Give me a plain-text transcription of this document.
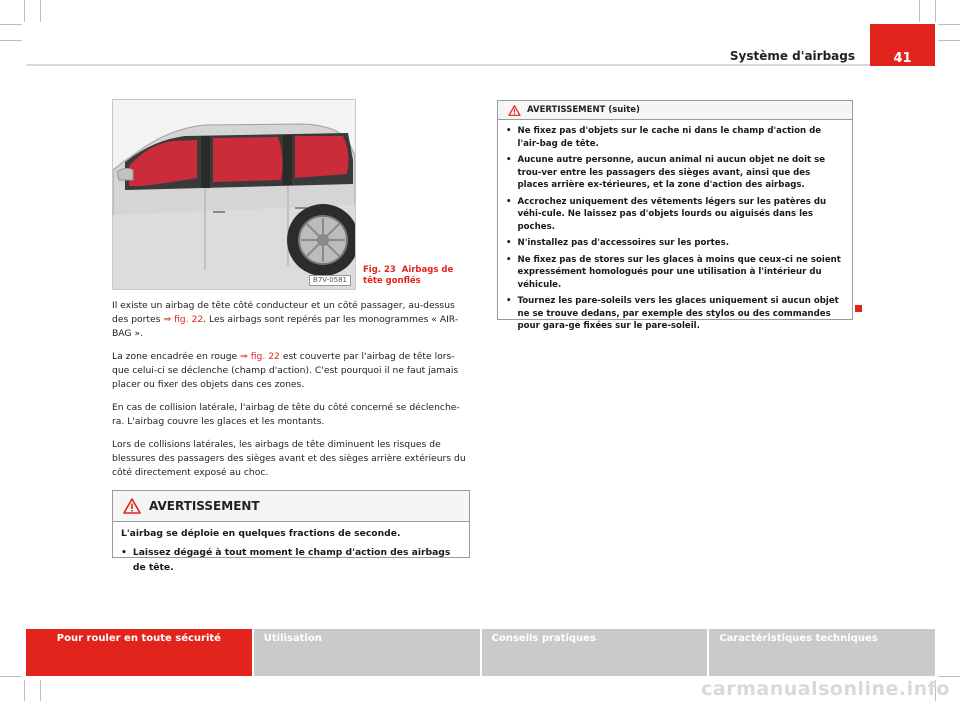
Système d'airbags	41
B7V-0581
Fig. 23 Airbags de tête gonflés

Il existe un airbag de tête côté conducteur et un côté passager, au-dessus des portes ⇒ fig. 22. Les airbags sont repérés par les monogrammes « AIR-BAG ».

La zone encadrée en rouge ⇒ fig. 22 est couverte par l'airbag de tête lors-que celui-ci se déclenche (champ d'action). C'est pourquoi il ne faut jamais placer ou fixer des objets dans ces zones.

En cas de collision latérale, l'airbag de tête du côté concerné se déclenche-ra. L'airbag couvre les glaces et les montants.

Lors de collisions latérales, les airbags de tête diminuent les risques de blessures des passagers des sièges avant et des sièges arrière extérieurs du côté directement exposé au choc.

AVERTISSEMENT

L'airbag se déploie en quelques fractions de seconde.

• Laissez dégagé à tout moment le champ d'action des airbags de tête.
AVERTISSEMENT (suite)
• Ne fixez pas d'objets sur le cache ni dans le champ d'action de l'air-bag de tête.
• Aucune autre personne, aucun animal ni aucun objet ne doit se trou-ver entre les passagers des sièges avant, ainsi que des places arrière ex-térieures, et la zone d'action des airbags.
• Accrochez uniquement des vêtements légers sur les patères du véhi-cule. Ne laissez pas d'objets lourds ou aiguisés dans les poches.
• N'installez pas d'accessoires sur les portes.
• Ne fixez pas de stores sur les glaces à moins que ceux-ci ne soient expressément homologués pour une utilisation à l'intérieur du véhicule.
• Tournez les pare-soleils vers les glaces uniquement si aucun objet ne se trouve dedans, par exemple des stylos ou des commandes pour gara-ge fixées sur le pare-soleil.
Pour rouler en toute sécurité	Utilisation	Conseils pratiques	Caractéristiques techniques
carmanualsonline.info
